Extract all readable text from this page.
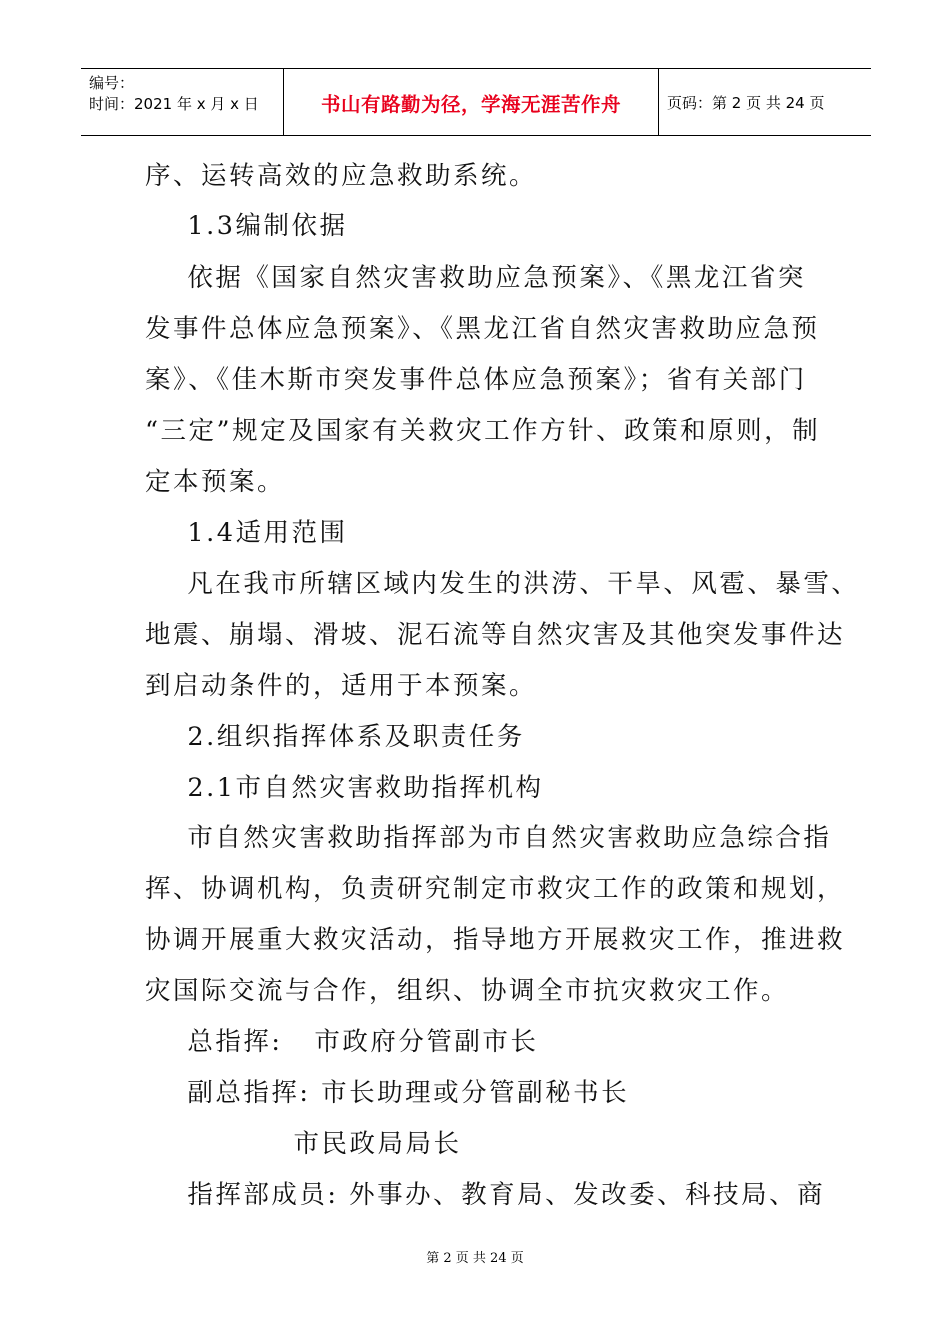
编号：
时间：2021 年 x 月 x 日	书山有路勤为径，学海无涯苦作舟	页码：第 2 页 共 24 页
序、运转高效的应急救助系统。
1.3编制依据
依据《国家自然灾害救助应急预案》、《黑龙江省突
发事件总体应急预案》、《黑龙江省自然灾害救助应急预
案》、《佳木斯市突发事件总体应急预案》；省有关部门
“三定”规定及国家有关救灾工作方针、政策和原则，制
定本预案。
1.4适用范围
凡在我市所辖区域内发生的洪涝、干旱、风雹、暴雪、
地震、崩塌、滑坡、泥石流等自然灾害及其他突发事件达
到启动条件的，适用于本预案。
2.组织指挥体系及职责任务
2.1市自然灾害救助指挥机构
市自然灾害救助指挥部为市自然灾害救助应急综合指
挥、协调机构，负责研究制定市救灾工作的政策和规划，
协调开展重大救灾活动，指导地方开展救灾工作，推进救
灾国际交流与合作，组织、协调全市抗灾救灾工作。
总指挥:   市政府分管副市长
副总指挥: 市长助理或分管副秘书长
市民政局局长
指挥部成员: 外事办、教育局、发改委、科技局、商
第 2 页 共 24 页
